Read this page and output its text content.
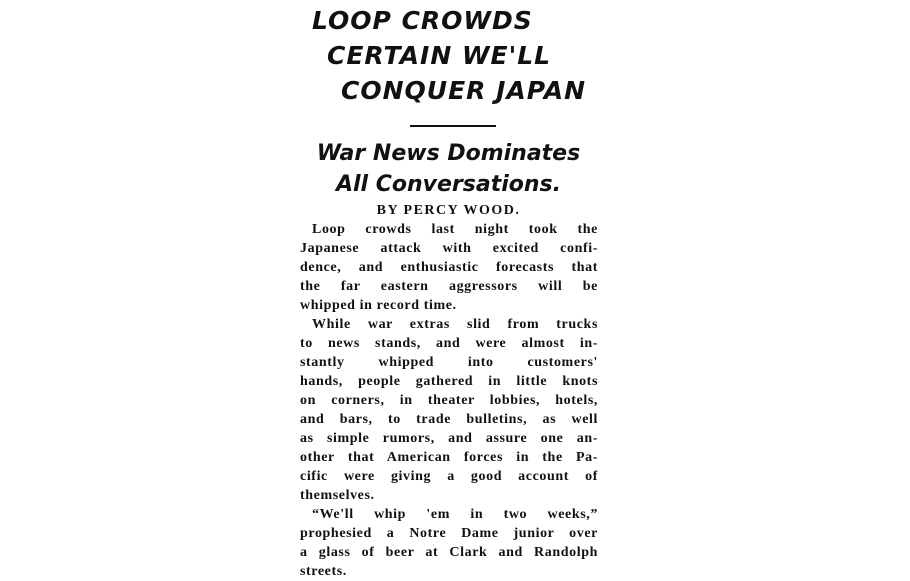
LOOP CROWDS
CERTAIN WE'LL
CONQUER JAPAN
War News Dominates
All Conversations.
BY PERCY WOOD.

Loop crowds last night took the
Japanese attack with excited confi-
dence, and enthusiastic forecasts that
the far eastern aggressors will be
whipped in record time.

While war extras slid from trucks
to news stands, and were almost in-
stantly whipped into customers'
hands, people gathered in little knots
on corners, in theater lobbies, hotels,
and bars, to trade bulletins, as well
as simple rumors, and assure one an-
other that American forces in the Pa-
cific were giving a good account of
themselves.

“We'll whip 'em in two weeks,”
prophesied a Notre Dame junior over
a glass of beer at Clark and Randolph
streets.
